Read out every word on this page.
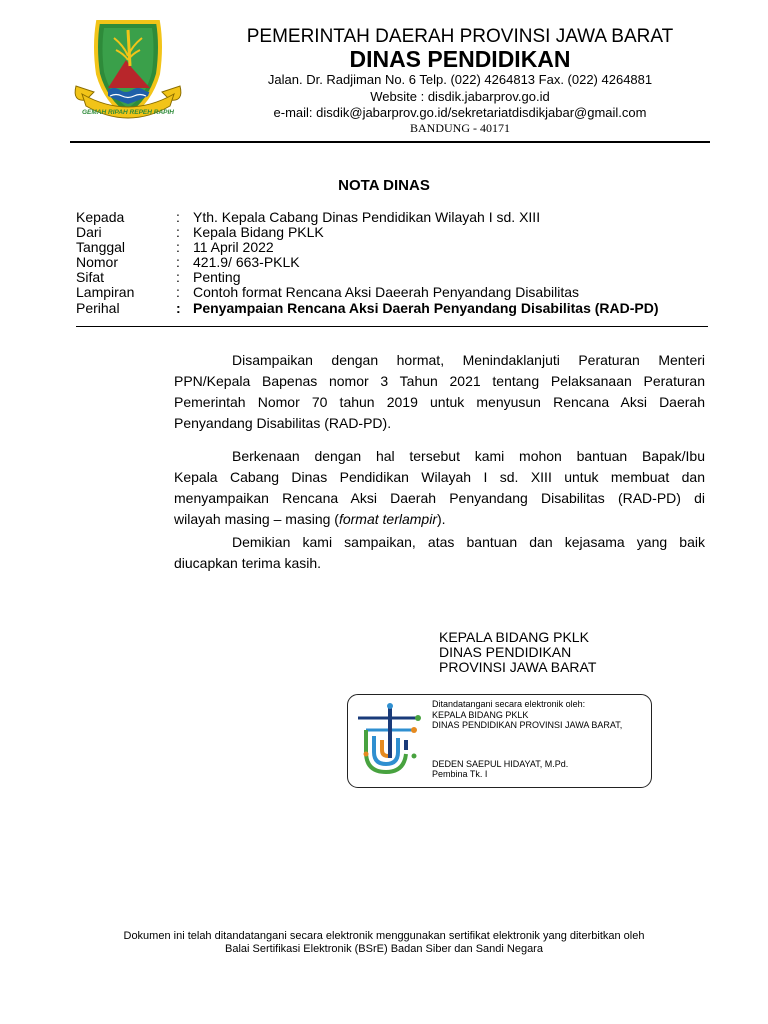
GEMAH RIPAH REPEH RAPIH
PEMERINTAH DAERAH PROVINSI JAWA BARAT
DINAS PENDIDIKAN
Jalan. Dr. Radjiman No. 6 Telp. (022) 4264813 Fax. (022) 4264881
Website : disdik.jabarprov.go.id
e-mail: disdik@jabarprov.go.id/sekretariatdisdikjabar@gmail.com
BANDUNG - 40171
NOTA DINAS
Kepada	: Yth. Kepala Cabang Dinas Pendidikan Wilayah I sd. XIII
Dari	: Kepala Bidang PKLK
Tanggal	: 11 April 2022
Nomor	: 421.9/ 663-PKLK
Sifat	: Penting
Lampiran	: Contoh format Rencana Aksi Daeerah Penyandang Disabilitas
Perihal	: Penyampaian Rencana Aksi Daerah Penyandang Disabilitas (RAD-PD)
Disampaikan dengan hormat, Menindaklanjuti Peraturan Menteri
PPN/Kepala Bapenas nomor 3 Tahun 2021 tentang Pelaksanaan Peraturan
Pemerintah Nomor 70 tahun 2019 untuk menyusun Rencana Aksi Daerah
Penyandang Disabilitas (RAD-PD).
Berkenaan dengan hal tersebut kami mohon bantuan Bapak/Ibu
Kepala Cabang Dinas Pendidikan Wilayah I sd. XIII untuk membuat dan
menyampaikan Rencana Aksi Daerah Penyandang Disabilitas (RAD-PD) di
wilayah masing – masing (format terlampir).
Demikian kami sampaikan, atas bantuan dan kejasama yang baik
diucapkan terima kasih.
KEPALA BIDANG PKLK
DINAS PENDIDIKAN
PROVINSI JAWA BARAT
Ditandatangani secara elektronik oleh:
KEPALA BIDANG PKLK
DINAS PENDIDIKAN PROVINSI JAWA BARAT,
DEDEN SAEPUL HIDAYAT, M.Pd.
Pembina Tk. I
Dokumen ini telah ditandatangani secara elektronik menggunakan sertifikat elektronik yang diterbitkan oleh
Balai Sertifikasi Elektronik (BSrE) Badan Siber dan Sandi Negara
